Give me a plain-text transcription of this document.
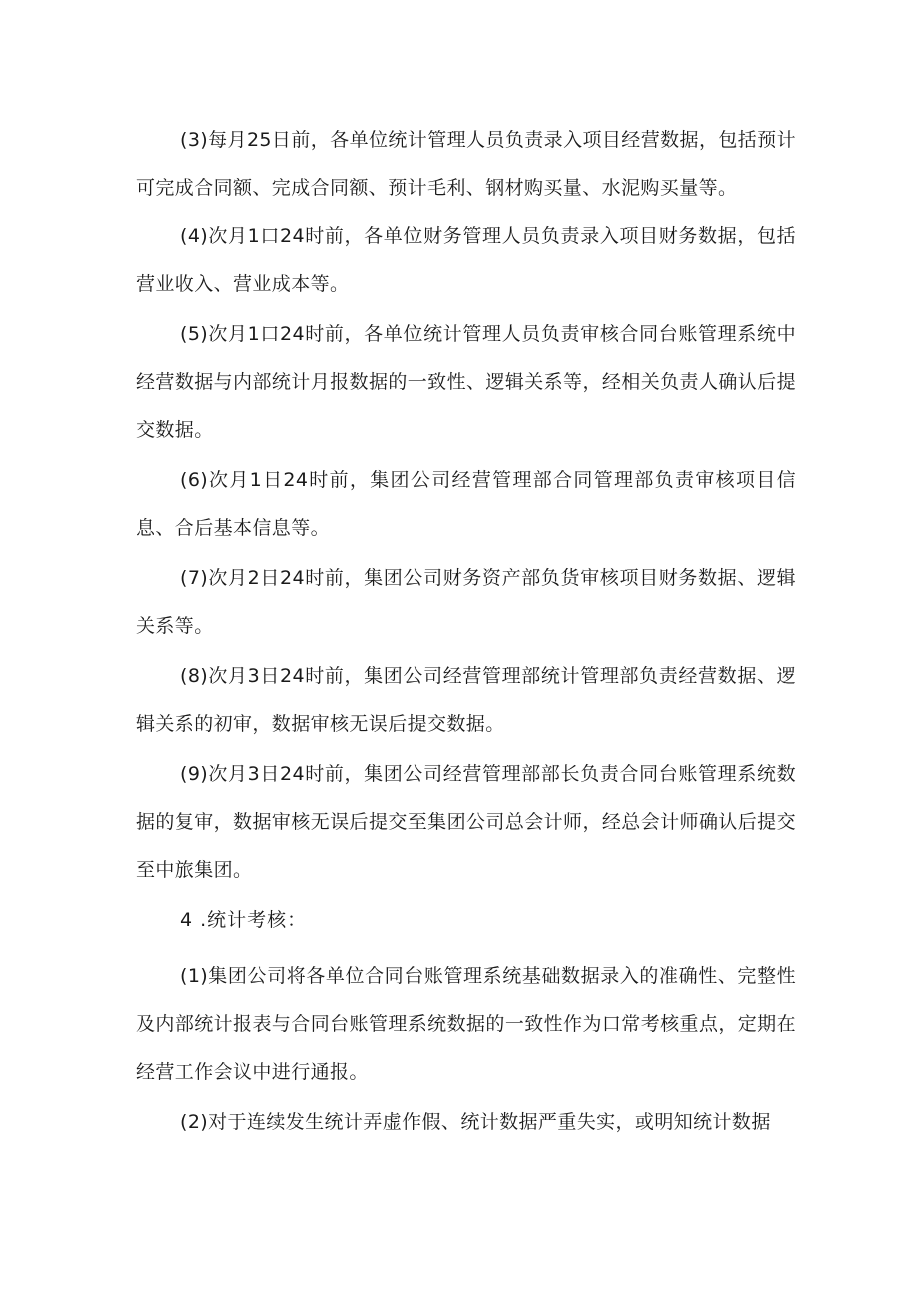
(3)每月25日前，各单位统计管理人员负责录入项目经营数据，包括预计可完成合同额、完成合同额、预计毛利、钢材购买量、水泥购买量等。

(4)次月1口24时前，各单位财务管理人员负责录入项目财务数据，包括营业收入、营业成本等。

(5)次月1口24时前，各单位统计管理人员负责审核合同台账管理系统中经营数据与内部统计月报数据的一致性、逻辑关系等，经相关负责人确认后提交数据。

(6)次月1日24时前，集团公司经营管理部合同管理部负责审核项目信息、合后基本信息等。

(7)次月2日24时前，集团公司财务资产部负货审核项目财务数据、逻辑关系等。

(8)次月3日24时前，集团公司经营管理部统计管理部负责经营数据、逻辑关系的初审，数据审核无误后提交数据。

(9)次月3日24时前，集团公司经营管理部部长负责合同台账管理系统数据的复审，数据审核无误后提交至集团公司总会计师，经总会计师确认后提交至中旅集团。

4 .统计考核：

(1)集团公司将各单位合同台账管理系统基础数据录入的准确性、完整性及内部统计报表与合同台账管理系统数据的一致性作为口常考核重点，定期在经营工作会议中进行通报。

(2)对于连续发生统计弄虚作假、统计数据严重失实，或明知统计数据
